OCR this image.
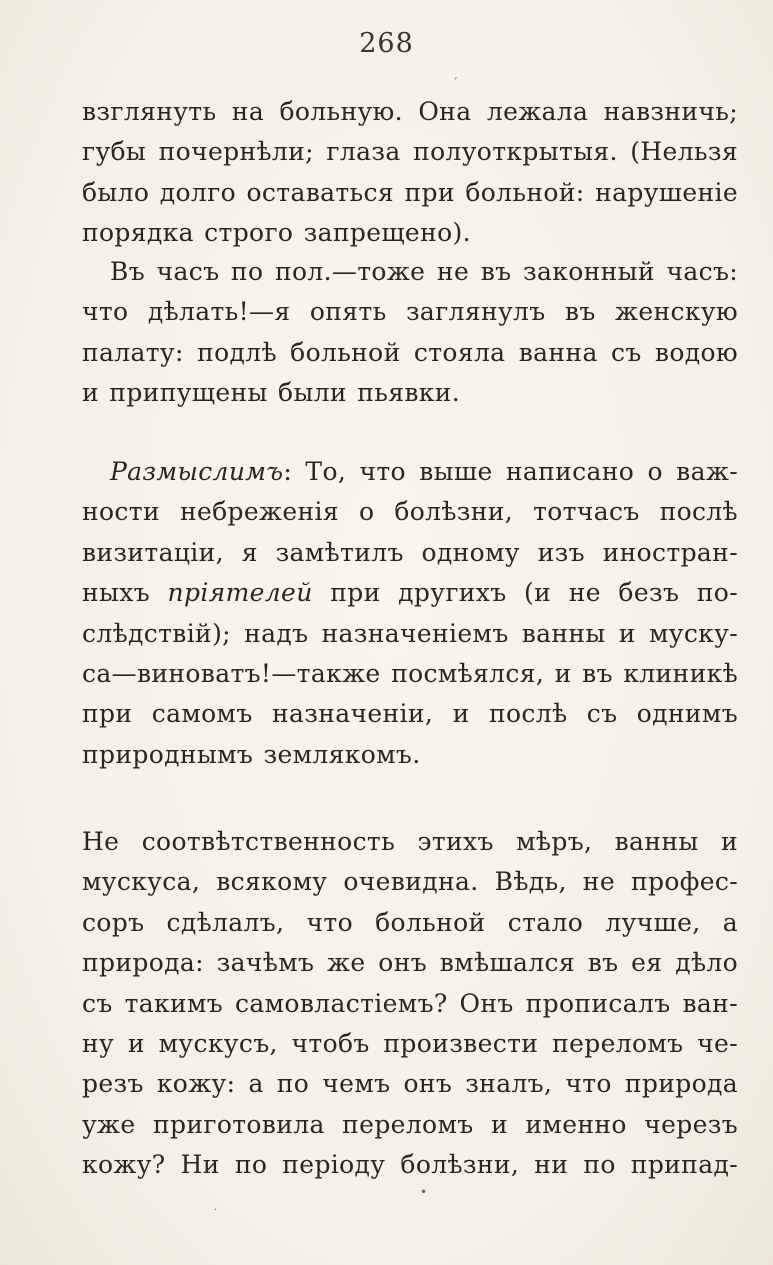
268
ˊ
взглянуть на больную. Она лежала навзничь;
губы почернѣли; глаза полуоткрытыя. (Нельзя
было долго оставаться при больной: нарушеніе
порядка строго запрещено).
Въ часъ по пол.—тоже не въ законный часъ:
что дѣлать!—я опять заглянулъ въ женскую
палату: подлѣ больной стояла ванна съ водою
и припущены были пьявки.
Размыслимъ: То, что выше написано о важ-
ности небреженія о болѣзни, тотчасъ послѣ
визитаціи, я замѣтилъ одному изъ иностран-
ныхъ пріятелей при другихъ (и не безъ по-
слѣдствій); надъ назначеніемъ ванны и муску-
са—виноватъ!—также посмѣялся, и въ клиникѣ
при самомъ назначеніи, и послѣ съ однимъ
природнымъ землякомъ.
Не соотвѣтственность этихъ мѣръ, ванны и
мускуса, всякому очевидна. Вѣдь, не профес-
соръ сдѣлалъ, что больной стало лучше, а
природа: зачѣмъ же онъ вмѣшался въ ея дѣло
съ такимъ самовластіемъ? Онъ прописалъ ван-
ну и мускусъ, чтобъ произвести переломъ че-
резъ кожу: а по чемъ онъ зналъ, что природа
уже приготовила переломъ и именно черезъ
кожу? Ни по періоду болѣзни, ни по припад-
•
·
